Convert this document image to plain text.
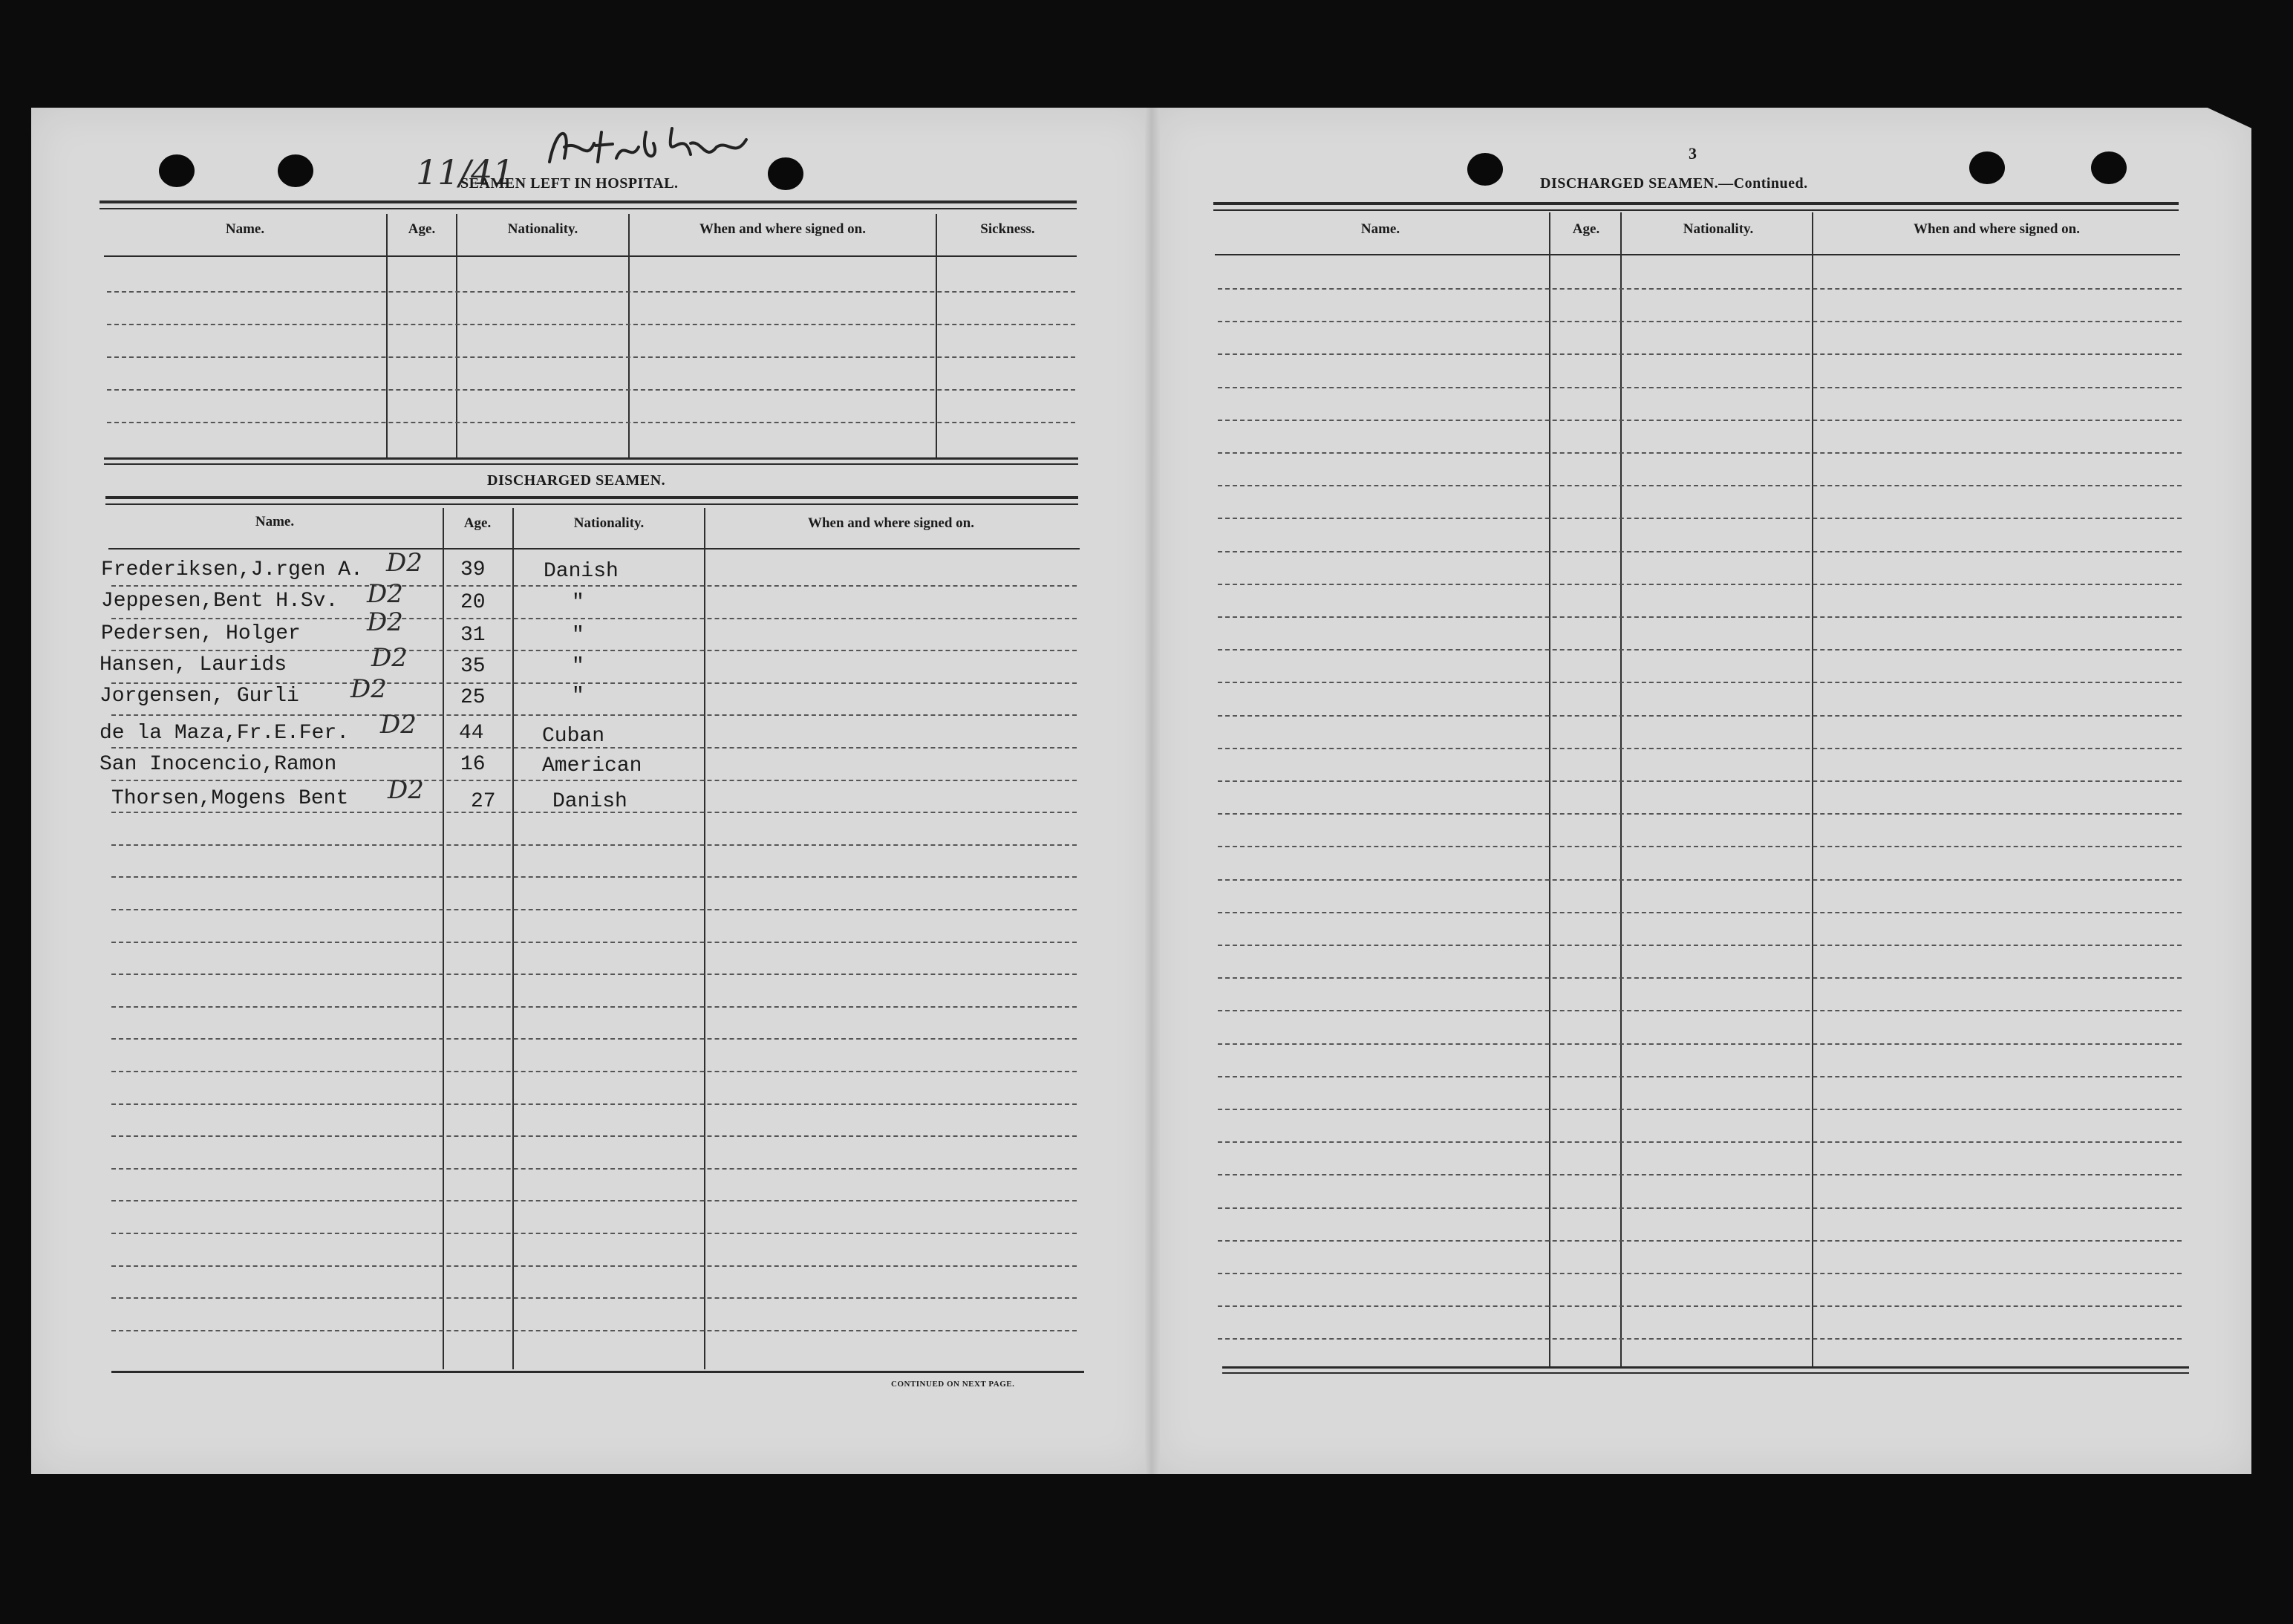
11/41
SEAMEN LEFT IN HOSPITAL.
Name.	Age.	Nationality.	When and where signed on.	Sickness.
DISCHARGED SEAMEN.
Name.	Age.	Nationality.	When and where signed on.
Frederiksen,J.rgen A.	39	Danish
D2
Jeppesen,Bent H.Sv.	20	"
D2
Pedersen, Holger	31	"
D2
Hansen, Laurids	35	"
D2
Jorgensen, Gurli	25	"
D2
de la Maza,Fr.E.Fer.	44	Cuban
D2
San Inocencio,Ramon	16	American
Thorsen,Mogens Bent	27	Danish
D2
CONTINUED ON NEXT PAGE.
3
DISCHARGED SEAMEN.—Continued.
Name.	Age.	Nationality.	When and where signed on.
